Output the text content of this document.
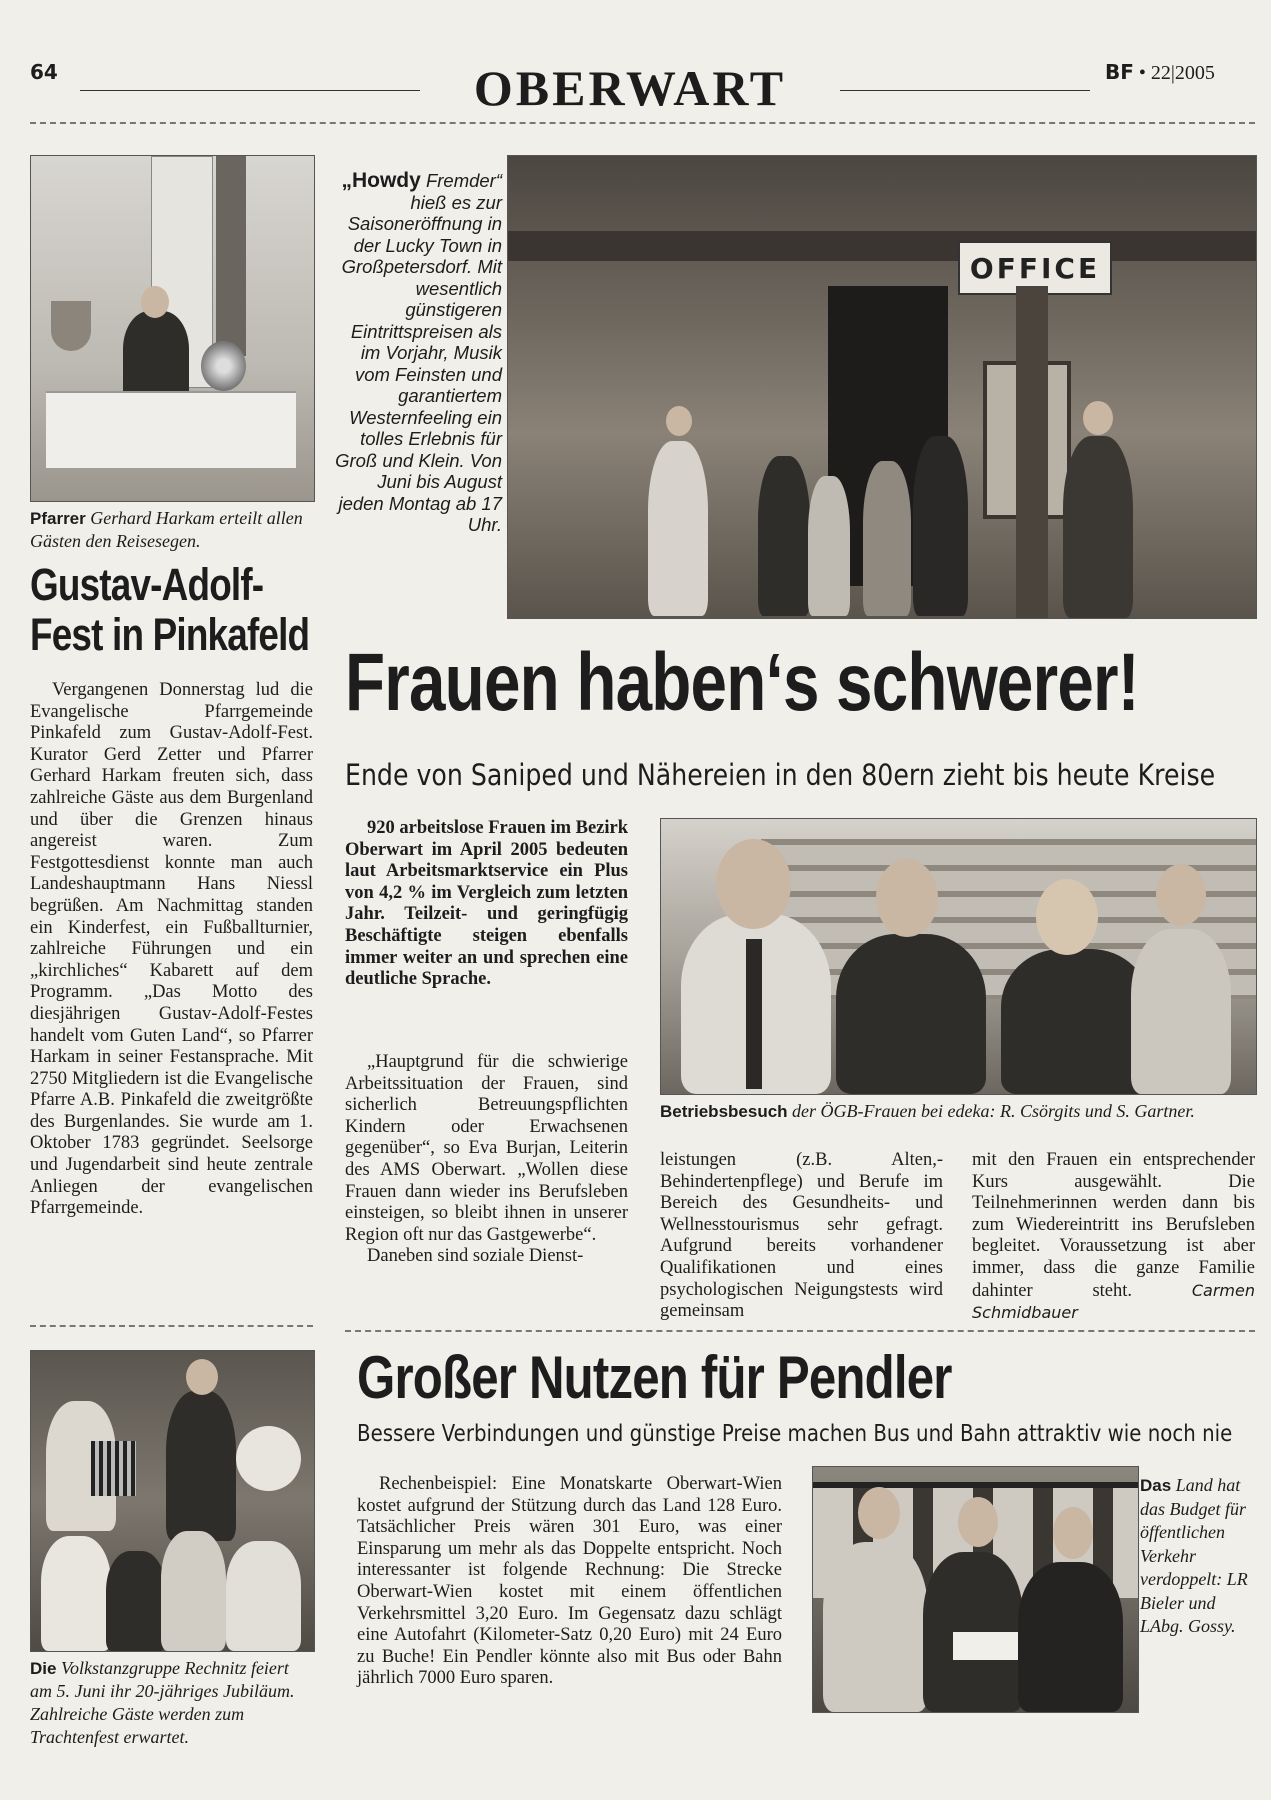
64	OBERWART	BF • 22|2005
Pfarrer Gerhard Harkam erteilt allen Gästen den Reisesegen.
Gustav-Adolf-Fest in Pinkafeld

Vergangenen Donnerstag lud die Evangelische Pfarrgemeinde Pinkafeld zum Gustav-Adolf-Fest. Kurator Gerd Zetter und Pfarrer Gerhard Harkam freuten sich, dass zahlreiche Gäste aus dem Burgenland und über die Grenzen hinaus angereist waren. Zum Festgottesdienst konnte man auch Landeshauptmann Hans Niessl begrüßen. Am Nachmittag standen ein Kinderfest, ein Fußballturnier, zahlreiche Führungen und ein „kirchliches“ Kabarett auf dem Programm. „Das Motto des diesjährigen Gustav-Adolf-Festes handelt vom Guten Land“, so Pfarrer Harkam in seiner Festansprache. Mit 2750 Mitgliedern ist die Evangelische Pfarre A.B. Pinkafeld die zweitgrößte des Burgenlandes. Sie wurde am 1. Oktober 1783 gegründet. Seelsorge und Jugendarbeit sind heute zentrale Anliegen der evangelischen Pfarrgemeinde.

„Howdy Fremder“ hieß es zur Saisoneröffnung in der Lucky Town in Großpetersdorf. Mit wesentlich günstigeren Eintrittspreisen als im Vorjahr, Musik vom Feinsten und garantiertem Westernfeeling ein tolles Erlebnis für Groß und Klein. Von Juni bis August jeden Montag ab 17 Uhr.
OFFICE
Frauen haben‘s schwerer!
Ende von Saniped und Nähereien in den 80ern zieht bis heute Kreise

920 arbeitslose Frauen im Bezirk Oberwart im April 2005 bedeuten laut Arbeitsmarktservice ein Plus von 4,2 % im Vergleich zum letzten Jahr. Teilzeit- und geringfügig Beschäftigte steigen ebenfalls immer weiter an und sprechen eine deutliche Sprache.

„Hauptgrund für die schwierige Arbeitssituation der Frauen, sind sicherlich Betreuungspflichten Kindern oder Erwachsenen gegenüber“, so Eva Burjan, Leiterin des AMS Oberwart. „Wollen diese Frauen dann wieder ins Berufsleben einsteigen, so bleibt ihnen in unserer Region oft nur das Gastgewerbe“.

Daneben sind soziale Dienst-

Betriebsbesuch der ÖGB-Frauen bei edeka: R. Csörgits und S. Gartner.

leistungen (z.B. Alten,- Behindertenpflege) und Berufe im Bereich des Gesundheits- und Wellnesstourismus sehr gefragt. Aufgrund bereits vorhandener Qualifikationen und eines psychologischen Neigungstests wird gemeinsam

mit den Frauen ein entsprechender Kurs ausgewählt. Die Teilnehmerinnen werden dann bis zum Wiedereintritt ins Berufsleben begleitet. Voraussetzung ist aber immer, dass die ganze Familie dahinter steht.	Carmen Schmidbauer

Die Volkstanzgruppe Rechnitz feiert am 5. Juni ihr 20-jähriges Jubiläum. Zahlreiche Gäste werden zum Trachtenfest erwartet.
Großer Nutzen für Pendler
Bessere Verbindungen und günstige Preise machen Bus und Bahn attraktiv wie noch nie

Rechenbeispiel: Eine Monatskarte Oberwart-Wien kostet aufgrund der Stützung durch das Land 128 Euro. Tatsächlicher Preis wären 301 Euro, was einer Einsparung um mehr als das Doppelte entspricht. Noch interessanter ist folgende Rechnung: Die Strecke Oberwart-Wien kostet mit einem öffentlichen Verkehrsmittel 3,20 Euro. Im Gegensatz dazu schlägt eine Autofahrt (Kilometer-Satz 0,20 Euro) mit 24 Euro zu Buche! Ein Pendler könnte also mit Bus oder Bahn jährlich 7000 Euro sparen.

Das Land hat das Budget für öffentlichen Verkehr verdoppelt: LR Bieler und LAbg. Gossy.
